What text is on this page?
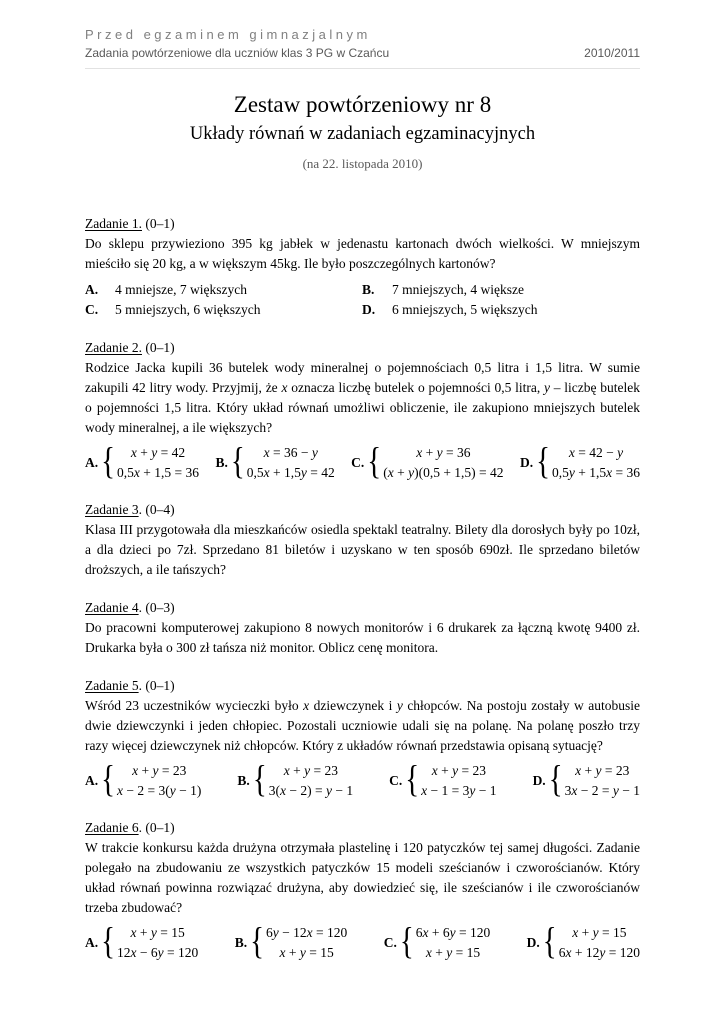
Przed egzaminem gimnazjalnym
Zadania powtórzeniowe dla uczniów klas 3 PG w Czańcu	2010/2011
Zestaw powtórzeniowy nr 8
Układy równań w zadaniach egzaminacyjnych
(na 22. listopada 2010)
Zadanie 1. (0–1)

Do sklepu przywieziono 395 kg jabłek w jedenastu kartonach dwóch wielkości. W mniejszym mieściło się 20 kg, a w większym 45kg. Ile było poszczególnych kartonów?

A. 4 mniejsze, 7 większych	B. 7 mniejszych, 4 większe
C. 5 mniejszych, 6 większych	D. 6 mniejszych, 5 większych
Zadanie 2. (0–1)

Rodzice Jacka kupili 36 butelek wody mineralnej o pojemnościach 0,5 litra i 1,5 litra. W sumie zakupili 42 litry wody. Przyjmij, że x oznacza liczbę butelek o pojemności 0,5 litra, y – liczbę butelek o pojemności 1,5 litra. Który układ równań umożliwi obliczenie, ile zakupiono mniejszych butelek wody mineralnej, a ile większych?

A. {	x + y = 42
0,5x + 1,5 = 36
B. {	x = 36 − y
0,5x + 1,5y = 42
C. {	x + y = 36
(x + y)(0,5 + 1,5) = 42
D. {	x = 42 − y
0,5y + 1,5x = 36
Zadanie 3. (0–4)

Klasa III przygotowała dla mieszkańców osiedla spektakl teatralny. Bilety dla dorosłych były po 10zł, a dla dzieci po 7zł. Sprzedano 81 biletów i uzyskano w ten sposób 690zł. Ile sprzedano biletów droższych, a ile tańszych?

Zadanie 4. (0–3)

Do pracowni komputerowej zakupiono 8 nowych monitorów i 6 drukarek za łączną kwotę 9400 zł. Drukarka była o 300 zł tańsza niż monitor. Oblicz cenę monitora.

Zadanie 5. (0–1)

Wśród 23 uczestników wycieczki było x dziewczynek i y chłopców. Na postoju zostały w autobusie dwie dziewczynki i jeden chłopiec. Pozostali uczniowie udali się na polanę. Na polanę poszło trzy razy więcej dziewczynek niż chłopców. Który z układów równań przedstawia opisaną sytuację?

A. {	x + y = 23
x − 2 = 3(y − 1)
B. {	x + y = 23
3(x − 2) = y − 1
C. { x + y = 23
x − 1 = 3y − 1
D. { x + y = 23
3x − 2 = y − 1
Zadanie 6. (0–1)

W trakcie konkursu każda drużyna otrzymała plastelinę i 120 patyczków tej samej długości. Zadanie polegało na zbudowaniu ze wszystkich patyczków 15 modeli sześcianów i czworościanów. Który układ równań powinna rozwiązać drużyna, aby dowiedzieć się, ile sześcianów i ile czworościanów trzeba zbudować?

A. {	x + y = 15
12x − 6y = 120
B. { 6y − 12x = 120
x + y = 15
C. { 6x + 6y = 120
x + y = 15
D. {	x + y = 15
6x + 12y = 120
